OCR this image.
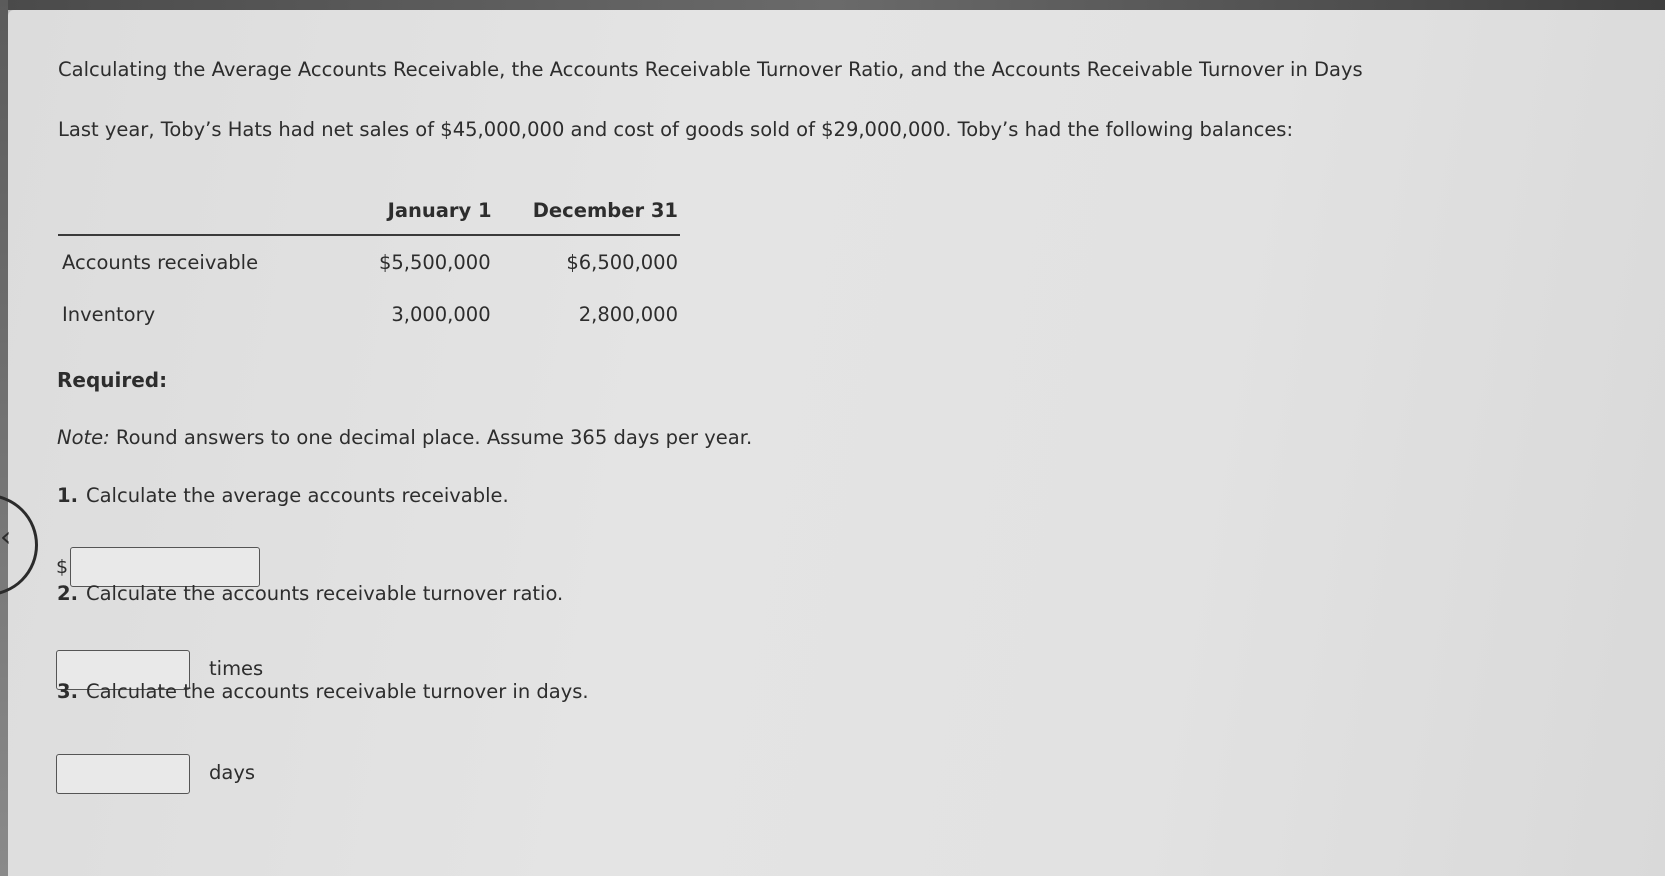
Calculating the Average Accounts Receivable, the Accounts Receivable Turnover Ratio, and the Accounts Receivable Turnover in Days
Last year, Toby’s Hats had net sales of $45,000,000 and cost of goods sold of $29,000,000. Toby’s had the following balances:
	January 1	December 31
Accounts receivable	$5,500,000	$6,500,000
Inventory	3,000,000	2,800,000
Required:
Note: Round answers to one decimal place. Assume 365 days per year.
1. Calculate the average accounts receivable.
$
2. Calculate the accounts receivable turnover ratio.
times
3. Calculate the accounts receivable turnover in days.
days
‹
